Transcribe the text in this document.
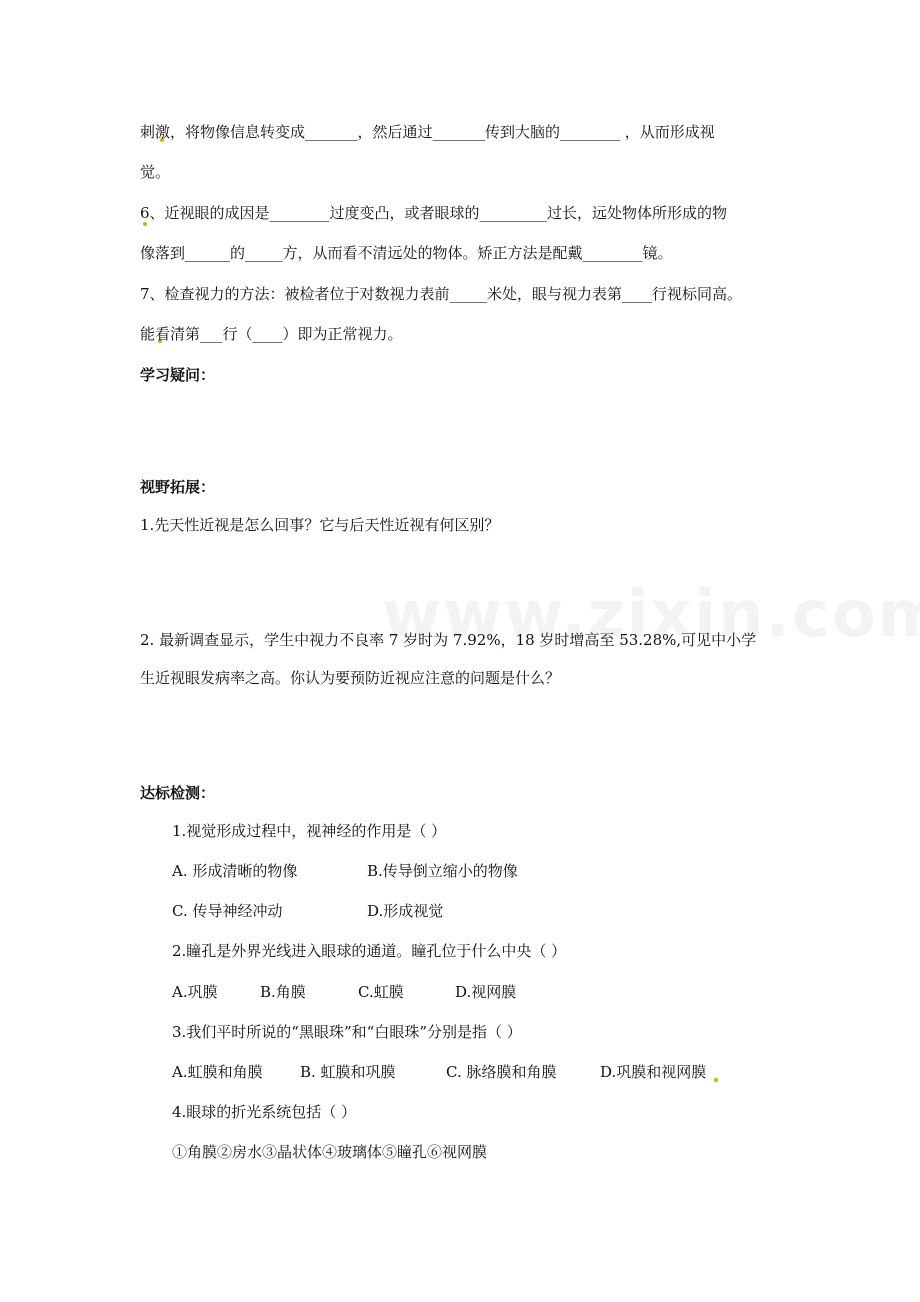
刺激，将物像信息转变成_______，然后通过_______传到大脑的________ ，从而形成视
觉。
6、近视眼的成因是________过度变凸，或者眼球的_________过长，远处物体所形成的物
像落到______的_____方，从而看不清远处的物体。矫正方法是配戴________镜。
7、检查视力的方法：被检者位于对数视力表前_____米处，眼与视力表第____行视标同高。
能看清第___行（____）即为正常视力。
学习疑问：
视野拓展：
1.先天性近视是怎么回事？它与后天性近视有何区别？
2. 最新调查显示，学生中视力不良率 7 岁时为 7.92%，18 岁时增高至 53.28%,可见中小学
生近视眼发病率之高。你认为要预防近视应注意的问题是什么？
达标检测：
1.视觉形成过程中，视神经的作用是（ ）
A. 形成清晰的物像	B.传导倒立缩小的物像
C. 传导神经冲动	D.形成视觉
2.瞳孔是外界光线进入眼球的通道。瞳孔位于什么中央（ ）
A.巩膜	B.角膜	C.虹膜	D.视网膜
3.我们平时所说的“黑眼珠”和“白眼珠”分别是指（ ）
A.虹膜和角膜 B. 虹膜和巩膜	C. 脉络膜和角膜	D.巩膜和视网膜
4.眼球的折光系统包括（ ）
①角膜②房水③晶状体④玻璃体⑤瞳孔⑥视网膜
